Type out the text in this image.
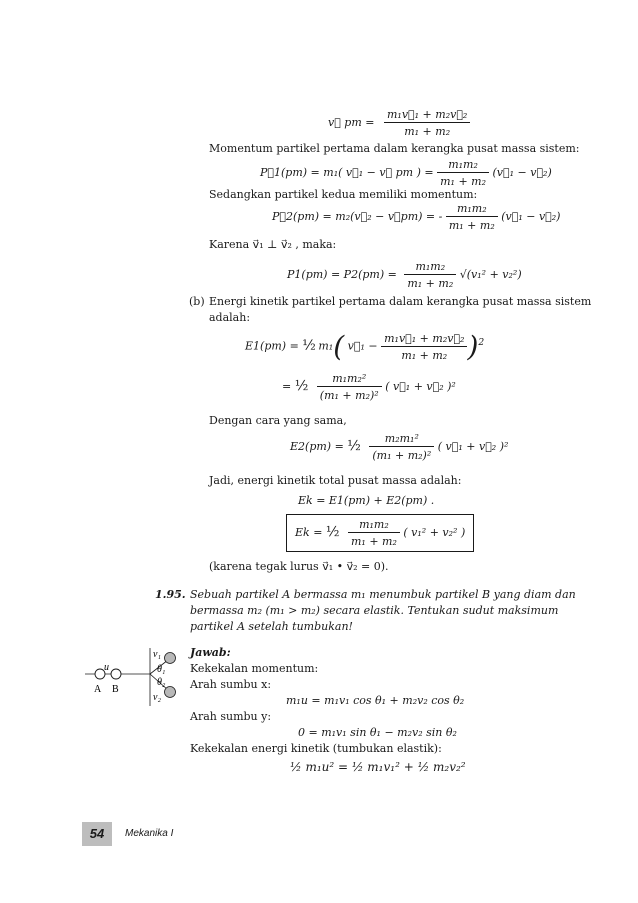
v⃗ pm = $\frac{\text{m₁v⃗₁ + m₂v⃗₂}}{\text{m₁ + m₂}}$
Momentum partikel pertama dalam kerangka pusat massa sistem:
P⃗1(pm) = m₁( v⃗₁ − v⃗ pm ) = $\frac{\text{m₁m₂}}{\text{m₁ + m₂}}$ (v⃗₁ − v⃗₂)
Sedangkan partikel kedua memiliki momentum:
P⃗2(pm) = m₂(v⃗₂ − v⃗pm) = - $\frac{\text{m₁m₂}}{\text{m₁ + m₂}}$ (v⃗₁ − v⃗₂)
Karena v⃗₁ ⊥ v⃗₂ , maka:
$P1(pm) = P2(pm) = \frac{\text{m₁m₂}}{\text{m₁ + m₂}} √(v_1^2 + v_2^2)$
(b) Energi kinetik partikel pertama dalam kerangka pusat massa sistem
adalah:
E1(pm) = ½ m₁( v⃗₁ − $\frac{\text{m₁v⃗₁ + m₂v⃗₂}}{\text{m₁ + m₂}} )^2$
= ½ $\frac{\text{m₁m₂²}}{\text{(m₁ + m₂)²}}$ ( v⃗₁ + v⃗₂ )²
Dengan cara yang sama,
E2(pm) = ½ $\frac{\text{m₂m₁²}}{\text{(m₁ + m₂)²}}$ ( v⃗₁ + v⃗₂ )²
Jadi, energi kinetik total pusat massa adalah:
Ek = E1(pm) + E2(pm) .
Ek = ½ $\frac{\text{m₁m₂}}{\text{m₁ + m₂}}$ ( v₁² + v₂² )
(karena tegak lurus v⃗₁ • v⃗₂ = 0).
1.95. Sebuah partikel A bermassa m₁ menumbuk partikel B yang diam dan
bermassa m₂ (m₁ > m₂) secara elastik. Tentukan sudut maksimum
partikel A setelah tumbukan!
Jawab:
Kekekalan momentum:
Arah sumbu x:
m₁u = m₁v₁ cos θ₁ + m₂v₂ cos θ₂
Arah sumbu y:
0 = m₁v₁ sin θ₁ − m₂v₂ sin θ₂
Kekekalan energi kinetik (tumbukan elastik):
½ m₁u² = ½ m₁v₁² + ½ m₂v₂²
u
A B
v₁
θ₁
θ₂
v₂
54	Mekanika I
